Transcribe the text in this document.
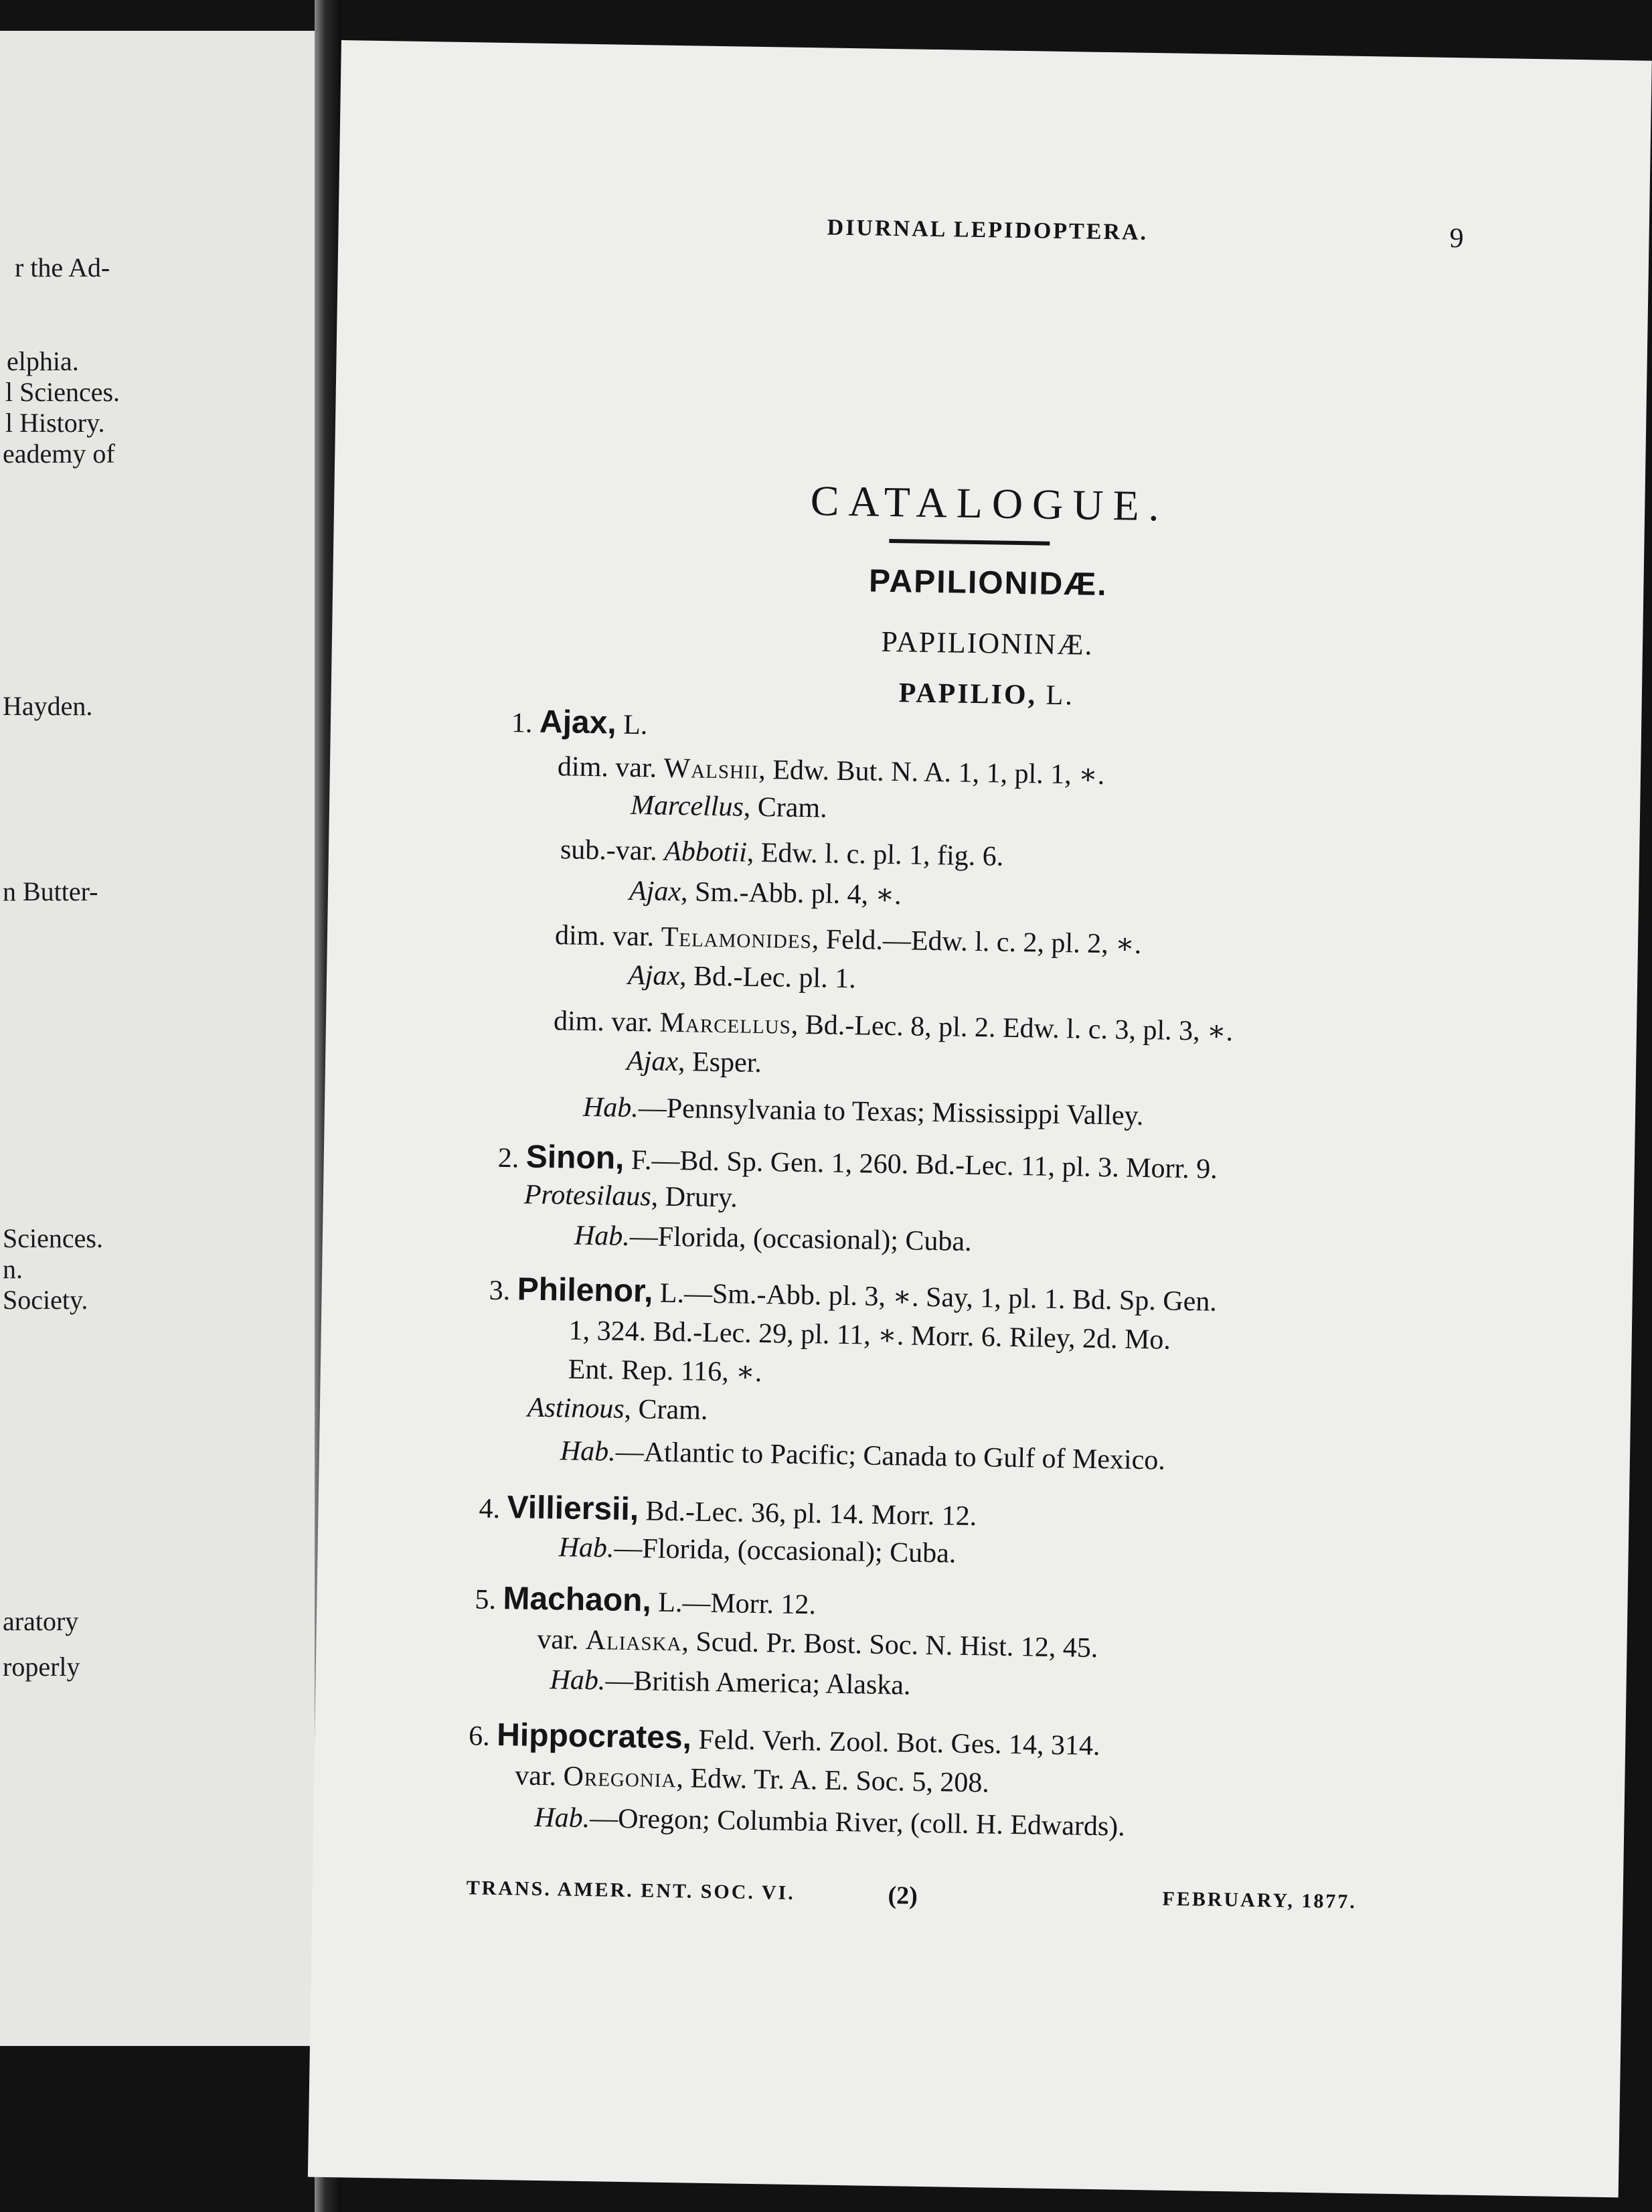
r the Ad-

elphia.

l Sciences.

l History.

eademy of

Hayden.

n Butter-

Sciences.

n.

Society.

aratory

roperly

DIURNAL LEPIDOPTERA.	9

CATALOGUE.

PAPILIONIDÆ.

PAPILIONINÆ.

PAPILIO, L.

1. Ajax, L.

dim. var. Walshii, Edw. But. N. A. 1, 1, pl. 1, ∗.

Marcellus, Cram.

sub.-var. Abbotii, Edw. l. c. pl. 1, fig. 6.

Ajax, Sm.-Abb. pl. 4, ∗.

dim. var. Telamonides, Feld.—Edw. l. c. 2, pl. 2, ∗.

Ajax, Bd.-Lec. pl. 1.

dim. var. Marcellus, Bd.-Lec. 8, pl. 2. Edw. l. c. 3, pl. 3, ∗.

Ajax, Esper.

Hab.—Pennsylvania to Texas; Mississippi Valley.

2. Sinon, F.—Bd. Sp. Gen. 1, 260. Bd.-Lec. 11, pl. 3. Morr. 9.

Protesilaus, Drury.

Hab.—Florida, (occasional); Cuba.

3. Philenor, L.—Sm.-Abb. pl. 3, ∗. Say, 1, pl. 1. Bd. Sp. Gen.

1, 324. Bd.-Lec. 29, pl. 11, ∗. Morr. 6. Riley, 2d. Mo.

Ent. Rep. 116, ∗.

Astinous, Cram.

Hab.—Atlantic to Pacific; Canada to Gulf of Mexico.

4. Villiersii, Bd.-Lec. 36, pl. 14. Morr. 12.

Hab.—Florida, (occasional); Cuba.

5. Machaon, L.—Morr. 12.

var. Aliaska, Scud. Pr. Bost. Soc. N. Hist. 12, 45.

Hab.—British America; Alaska.

6. Hippocrates, Feld. Verh. Zool. Bot. Ges. 14, 314.

var. Oregonia, Edw. Tr. A. E. Soc. 5, 208.

Hab.—Oregon; Columbia River, (coll. H. Edwards).

TRANS. AMER. ENT. SOC. VI.	(2)	FEBRUARY, 1877.
